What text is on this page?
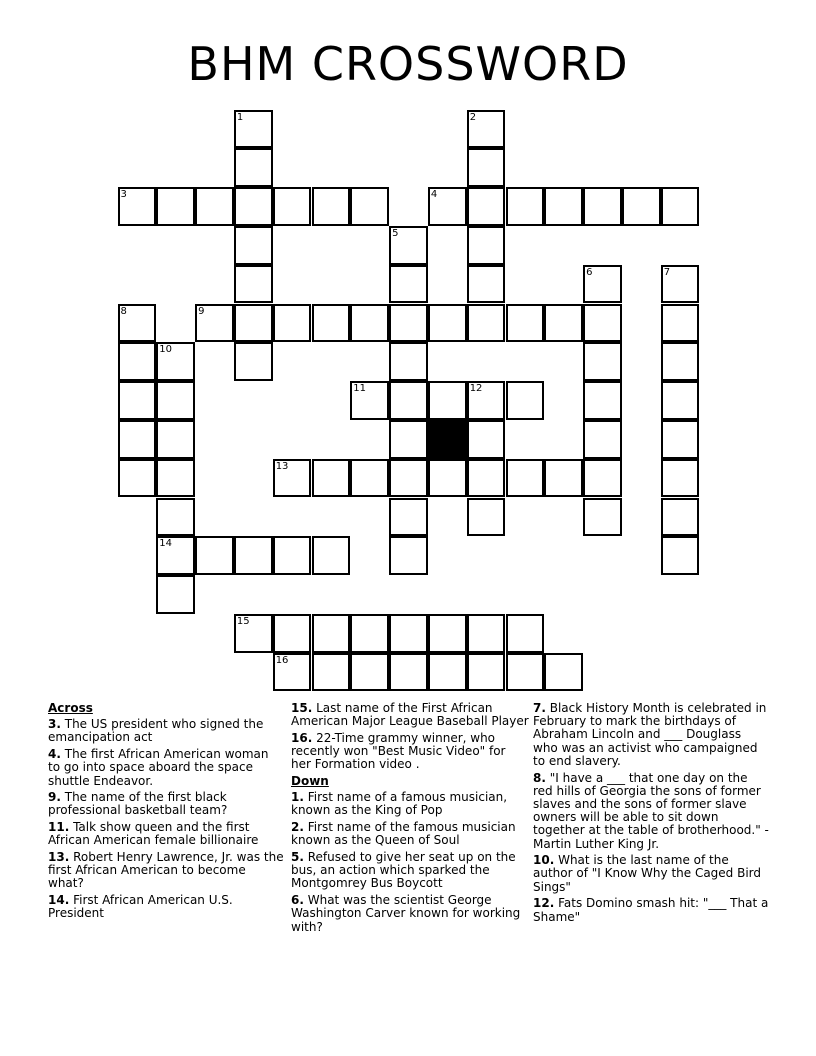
BHM CROSSWORD
1	2
3	4
5
6	7
8	9
10
11	12
13
14
15
16
Across
3. The US president who signed the emancipation act
4. The first African American woman to go into space aboard the space shuttle Endeavor.
9. The name of the first black professional basketball team?
11. Talk show queen and the first African American female billionaire
13. Robert Henry Lawrence, Jr. was the first African American to become what?
14. First African American U.S. President
15. Last name of the First African American Major League Baseball Player
16. 22-Time grammy winner, who recently won "Best Music Video" for her Formation video .
Down
1. First name of a famous musician, known as the King of Pop
2. First name of the famous musician known as the Queen of Soul
5. Refused to give her seat up on the bus, an action which sparked the Montgomrey Bus Boycott
6. What was the scientist George Washington Carver known for working with?
7. Black History Month is celebrated in February to mark the birthdays of Abraham Lincoln and ___ Douglass who was an activist who campaigned to end slavery.
8. "I have a ___ that one day on the red hills of Georgia the sons of former slaves and the sons of former slave owners will be able to sit down together at the table of brotherhood." - Martin Luther King Jr.
10. What is the last name of the author of "I Know Why the Caged Bird Sings"
12. Fats Domino smash hit: "___ That a Shame"
